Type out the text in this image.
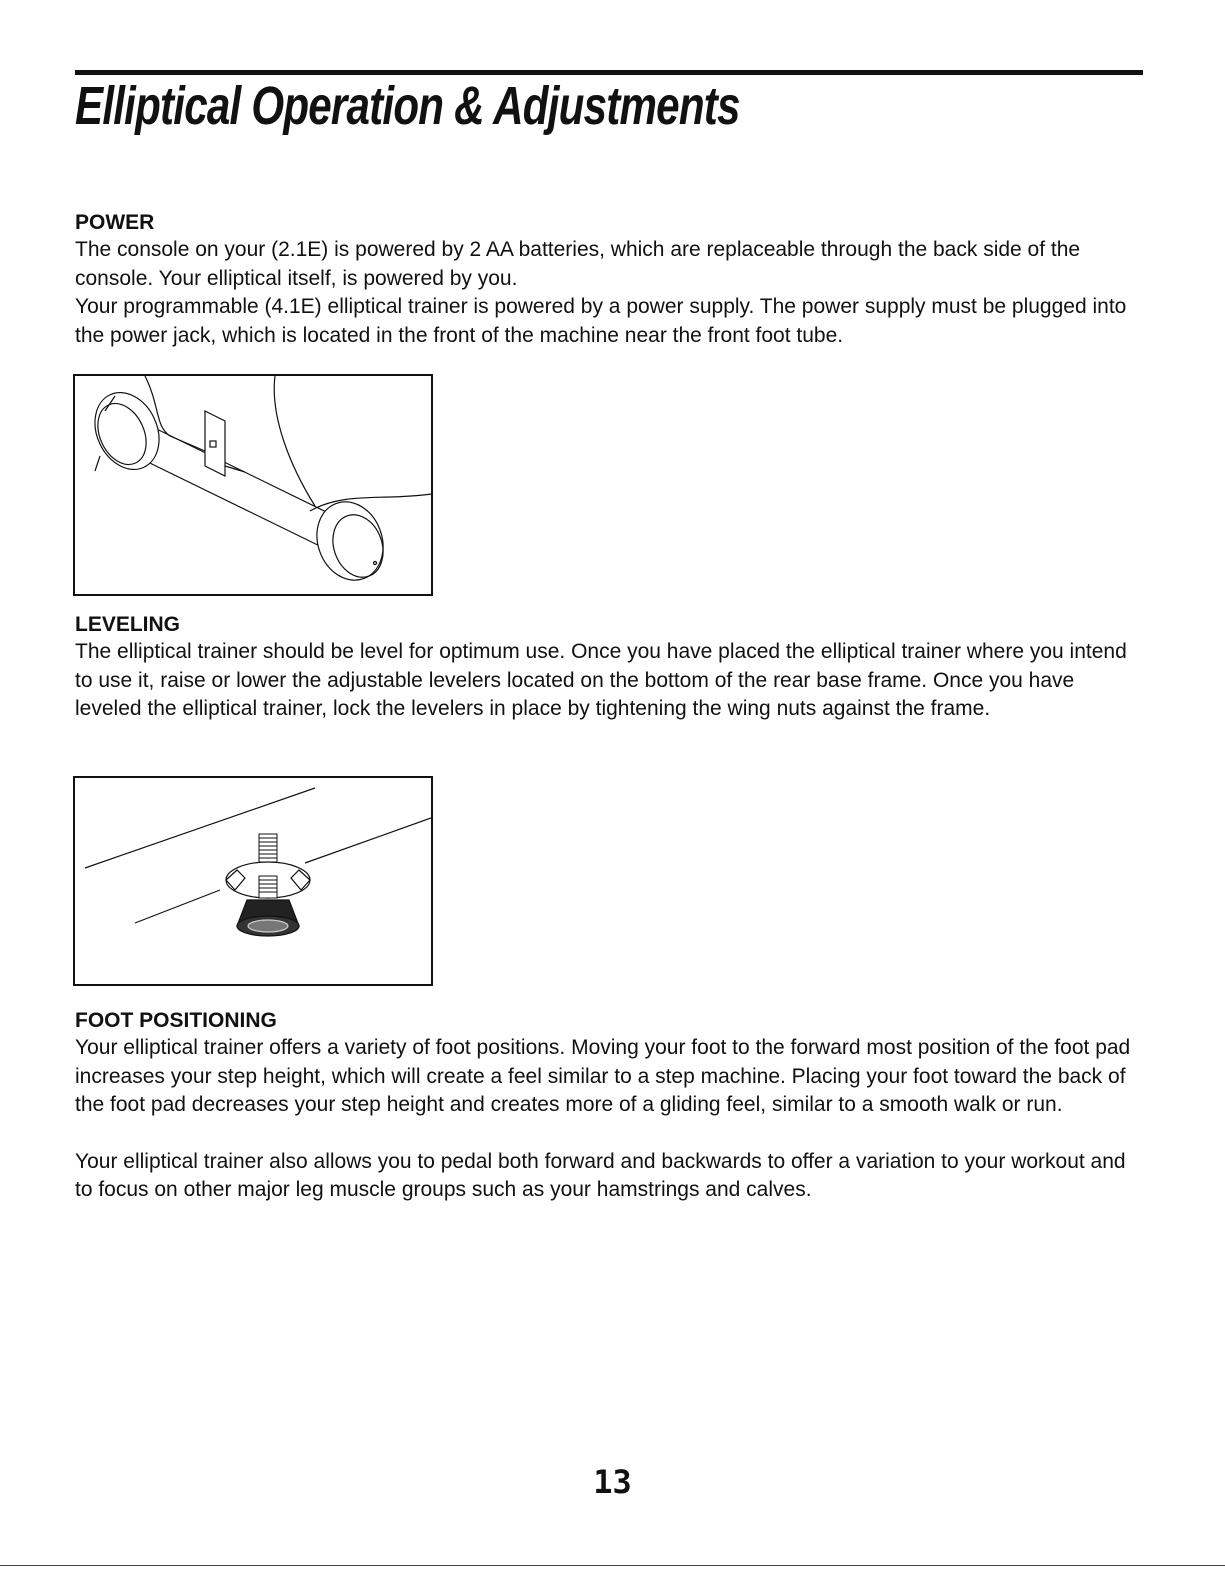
Elliptical Operation & Adjustments
POWER

The console on your (2.1E) is powered by 2 AA batteries, which are replaceable through the back side of the console. Your elliptical itself, is powered by you.

Your programmable (4.1E) elliptical trainer is powered by a power supply. The power supply must be plugged into the power jack, which is located in the front of the machine near the front foot tube.

LEVELING

The elliptical trainer should be level for optimum use. Once you have placed the elliptical trainer where you intend to use it, raise or lower the adjustable levelers located on the bottom of the rear base frame. Once you have leveled the elliptical trainer, lock the levelers in place by tightening the wing nuts against the frame.

FOOT POSITIONING

Your elliptical trainer offers a variety of foot positions. Moving your foot to the forward most position of the foot pad increases your step height, which will create a feel similar to a step machine. Placing your foot toward the back of the foot pad decreases your step height and creates more of a gliding feel, similar to a smooth walk or run.

Your elliptical trainer also allows you to pedal both forward and backwards to offer a variation to your workout and to focus on other major leg muscle groups such as your hamstrings and calves.

13
